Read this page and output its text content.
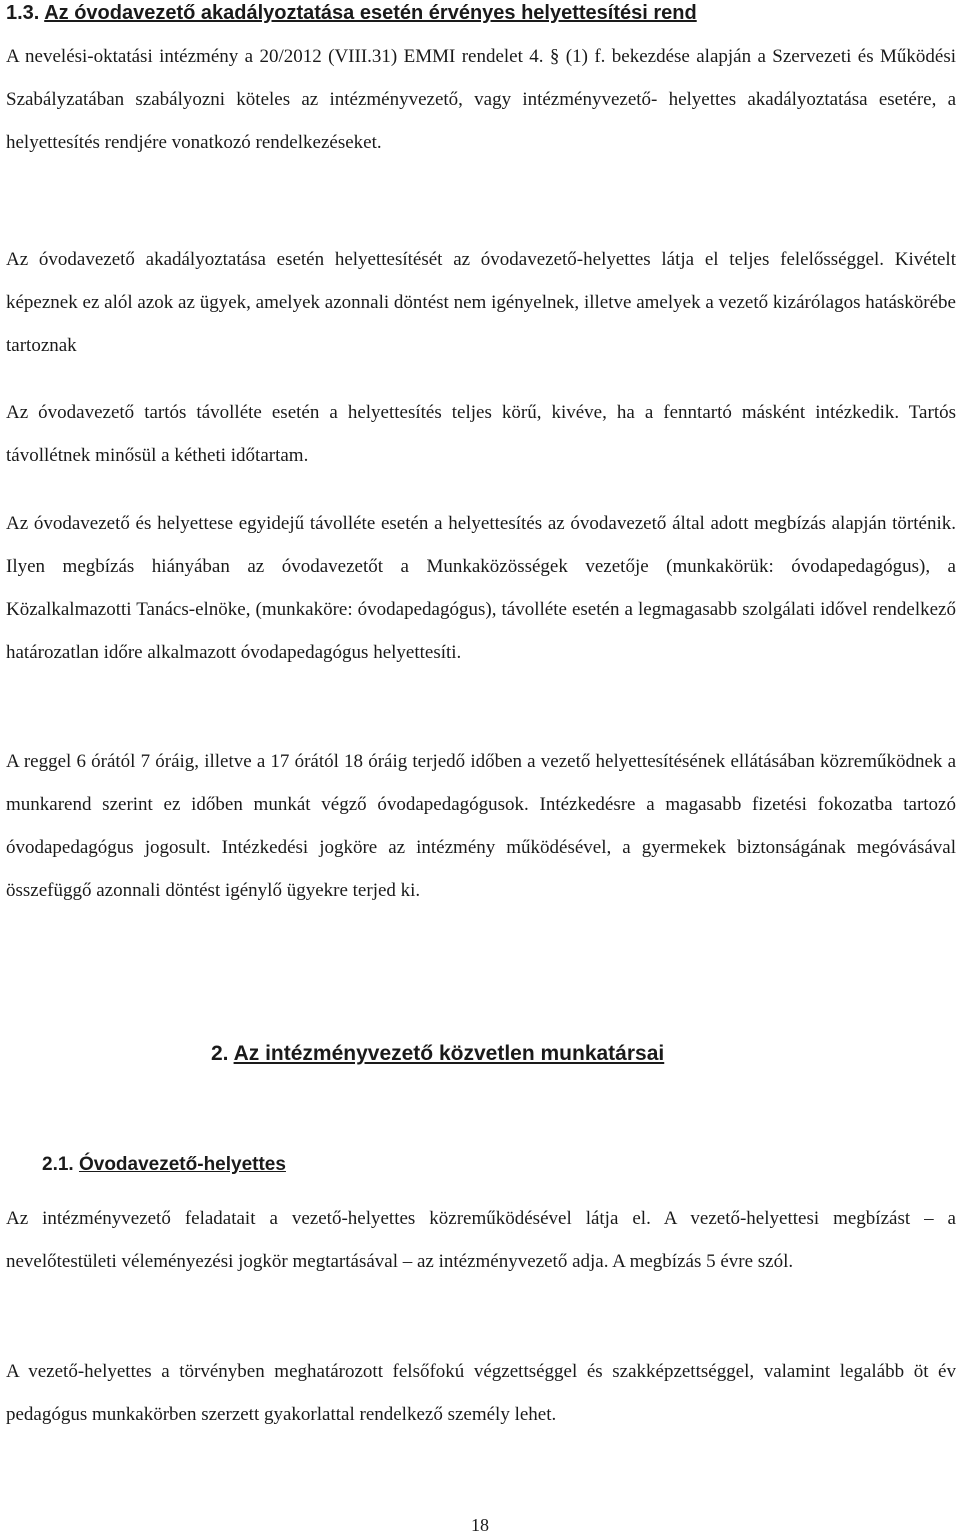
1.3. Az óvodavezető akadályoztatása esetén érvényes helyettesítési rend

A nevelési-oktatási intézmény a 20/2012 (VIII.31) EMMI rendelet 4. § (1) f. bekezdése alapján a Szervezeti és Működési Szabályzatában szabályozni köteles az intézményvezető, vagy intézményvezető- helyettes akadályoztatása esetére, a helyettesítés rendjére vonatkozó rendelkezéseket.

Az óvodavezető akadályoztatása esetén helyettesítését az óvodavezető-helyettes látja el teljes felelősséggel. Kivételt képeznek ez alól azok az ügyek, amelyek azonnali döntést nem igényelnek, illetve amelyek a vezető kizárólagos hatáskörébe tartoznak

Az óvodavezető tartós távolléte esetén a helyettesítés teljes körű, kivéve, ha a fenntartó másként intézkedik. Tartós távollétnek minősül a kétheti időtartam.

Az óvodavezető és helyettese egyidejű távolléte esetén a helyettesítés az óvodavezető által adott megbízás alapján történik. Ilyen megbízás hiányában az óvodavezetőt a Munkaközösségek vezetője (munkakörük: óvodapedagógus), a Közalkalmazotti Tanács-elnöke, (munkaköre: óvodapedagógus), távolléte esetén a legmagasabb szolgálati idővel rendelkező határozatlan időre alkalmazott óvodapedagógus helyettesíti.

A reggel 6 órától 7 óráig, illetve a 17 órától 18 óráig terjedő időben a vezető helyettesítésének ellátásában közreműködnek a munkarend szerint ez időben munkát végző óvodapedagógusok. Intézkedésre a magasabb fizetési fokozatba tartozó óvodapedagógus jogosult. Intézkedési jogköre az intézmény működésével, a gyermekek biztonságának megóvásával összefüggő azonnali döntést igénylő ügyekre terjed ki.

2. Az intézményvezető közvetlen munkatársai
2.1. Óvodavezető-helyettes

Az intézményvezető feladatait a vezető-helyettes közreműködésével látja el. A vezető-helyettesi megbízást – a nevelőtestületi véleményezési jogkör megtartásával – az intézményvezető adja. A megbízás 5 évre szól.

A vezető-helyettes a törvényben meghatározott felsőfokú végzettséggel és szakképzettséggel, valamint legalább öt év pedagógus munkakörben szerzett gyakorlattal rendelkező személy lehet.

18
